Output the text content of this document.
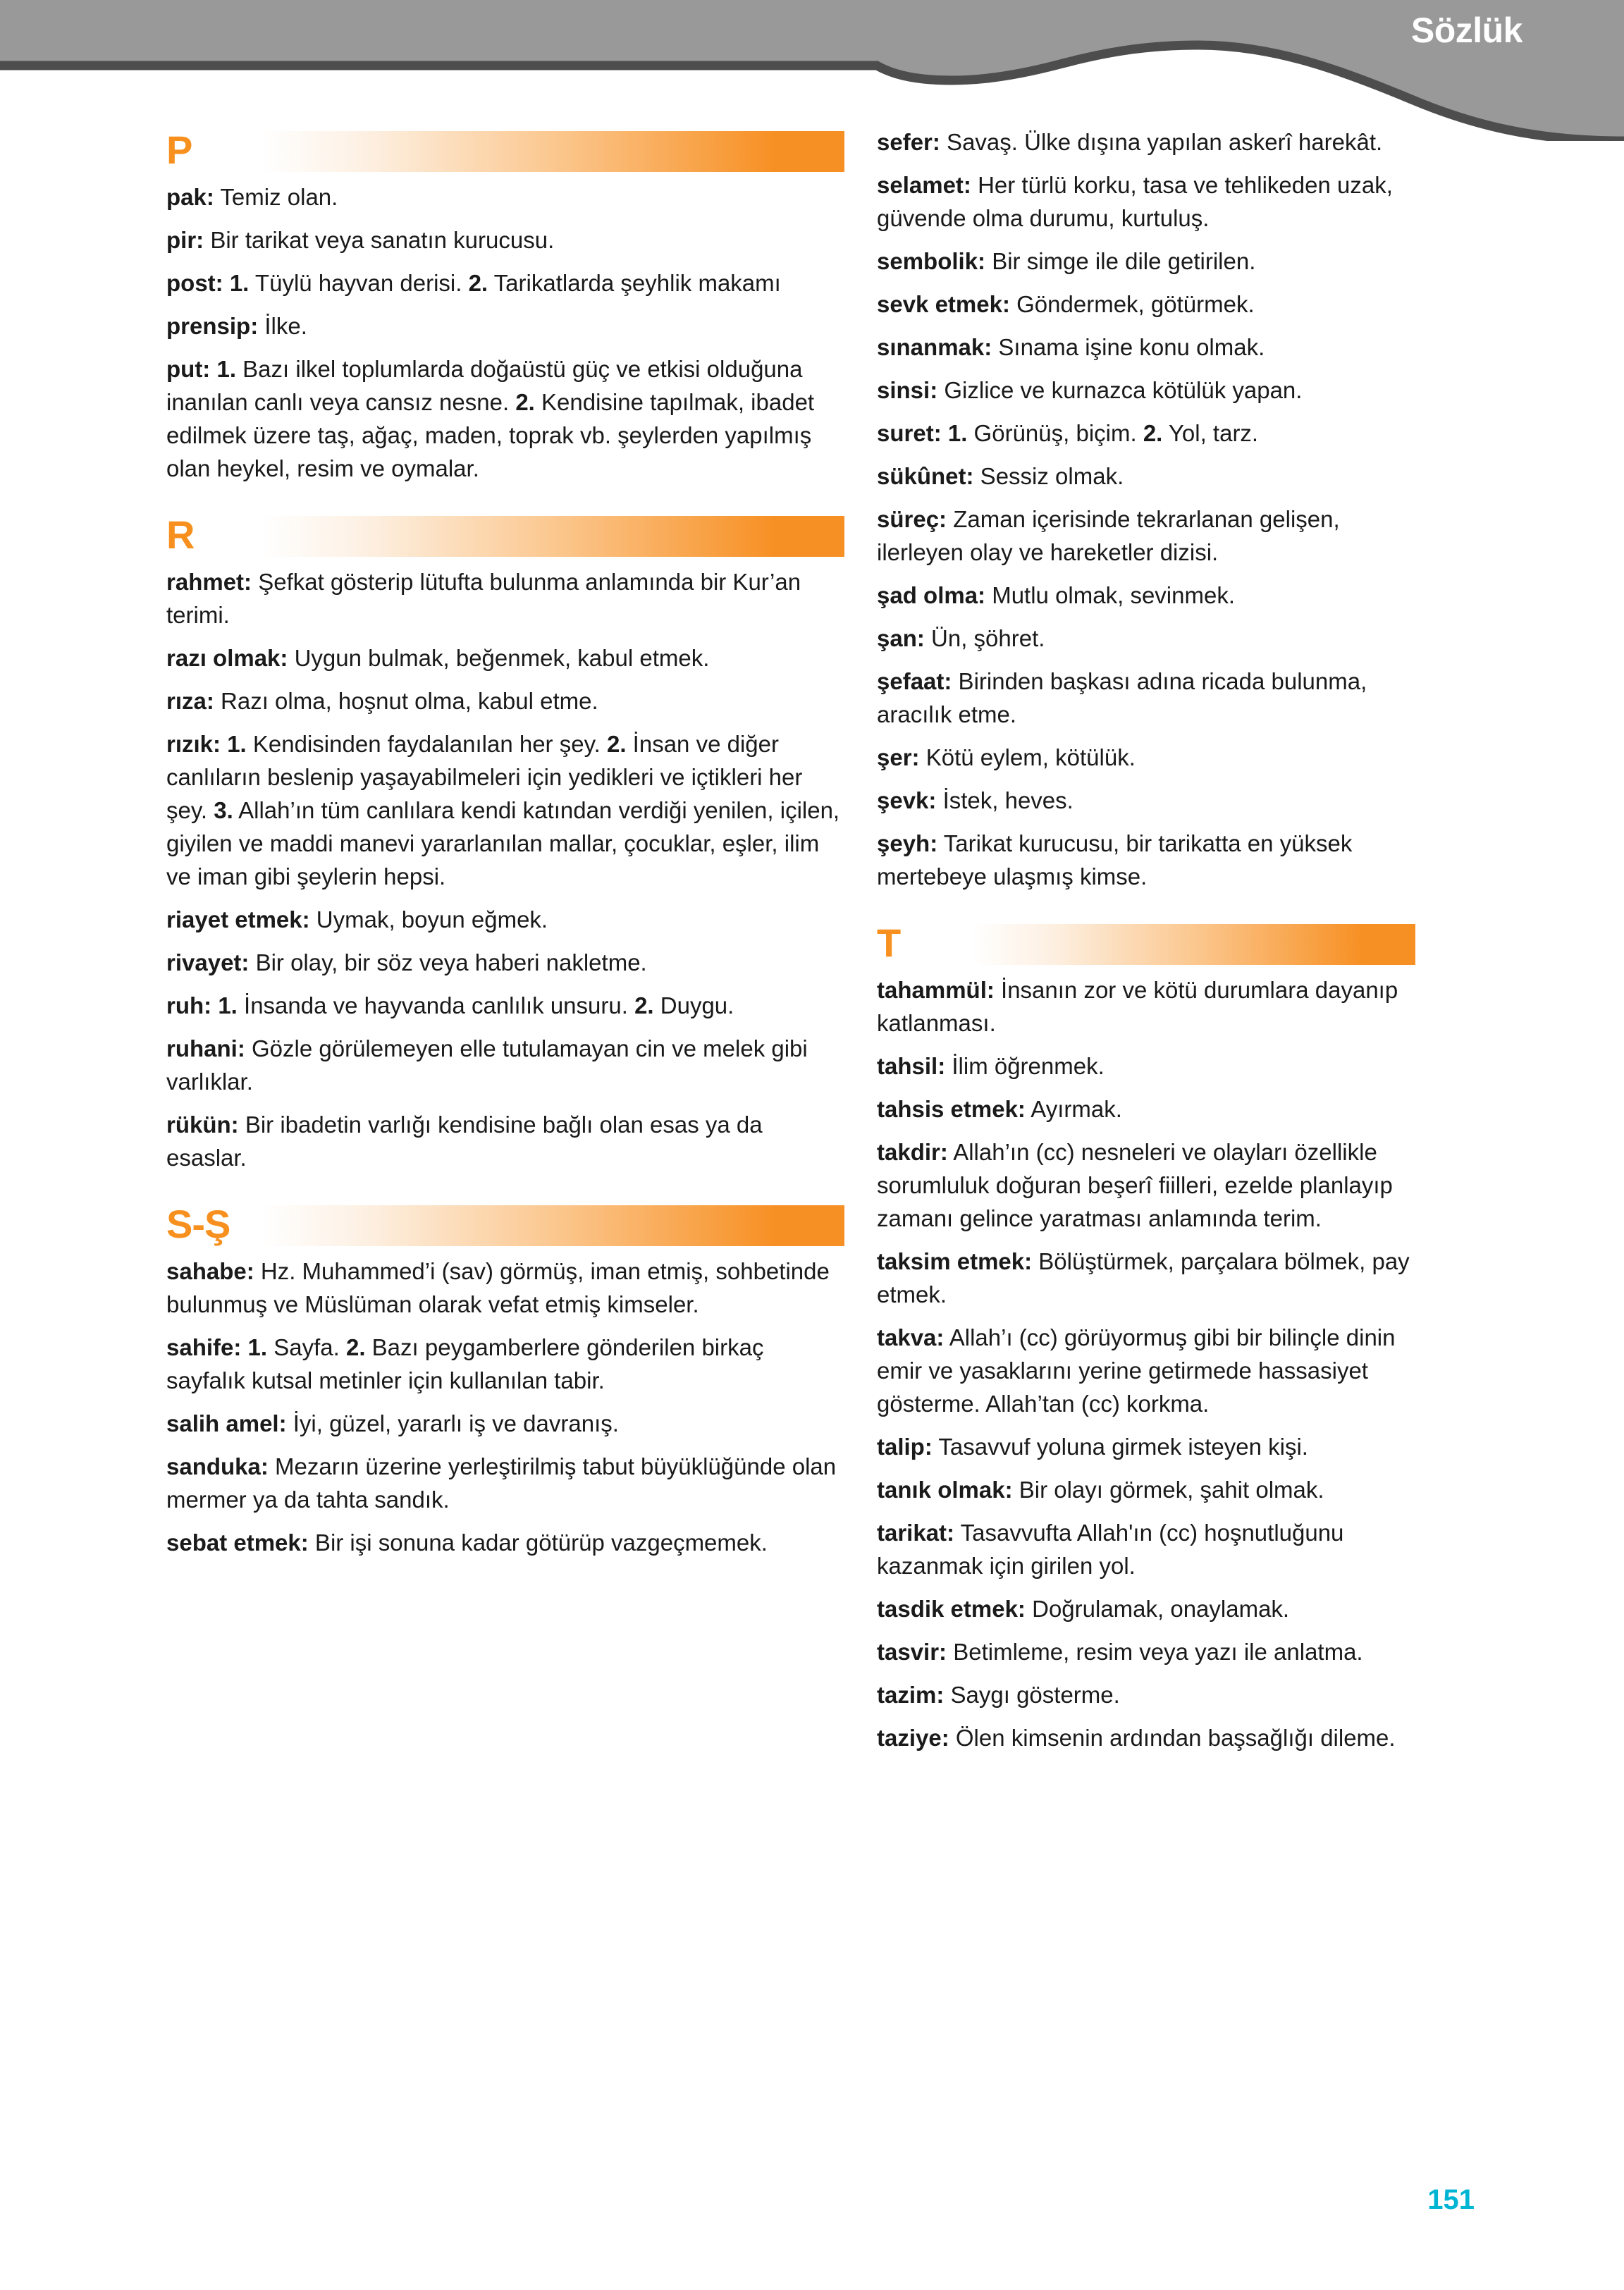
Sözlük
P

pak: Temiz olan.

pir: Bir tarikat veya sanatın kurucusu.

post: 1. Tüylü hayvan derisi. 2. Tarikatlarda şeyhlik makamı

prensip: İlke.

put: 1. Bazı ilkel toplumlarda doğaüstü güç ve etkisi olduğuna inanılan canlı veya cansız nesne. 2. Kendisine tapılmak, ibadet edilmek üzere taş, ağaç, maden, toprak vb. şeylerden yapılmış olan heykel, resim ve oymalar.

R

rahmet: Şefkat gösterip lütufta bulunma anlamında bir Kur’an terimi.

razı olmak: Uygun bulmak, beğenmek, kabul etmek.

rıza: Razı olma, hoşnut olma, kabul etme.

rızık: 1. Kendisinden faydalanılan her şey. 2. İnsan ve diğer canlıların beslenip yaşayabilmeleri için yedikleri ve içtikleri her şey. 3. Allah’ın tüm canlılara kendi katından verdiği yenilen, içilen, giyilen ve maddi manevi yararlanılan mallar, çocuklar, eşler, ilim ve iman gibi şeylerin hepsi.

riayet etmek: Uymak, boyun eğmek.

rivayet: Bir olay, bir söz veya haberi nakletme.

ruh: 1. İnsanda ve hayvanda canlılık unsuru. 2. Duygu.

ruhani: Gözle görülemeyen elle tutulamayan cin ve melek gibi varlıklar.

rükün: Bir ibadetin varlığı kendisine bağlı olan esas ya da esaslar.

S-Ş

sahabe: Hz. Muhammed’i (sav) görmüş, iman etmiş, sohbetinde bulunmuş ve Müslüman olarak vefat etmiş kimseler.

sahife: 1. Sayfa. 2. Bazı peygamberlere gönderilen birkaç sayfalık kutsal metinler için kullanılan tabir.

salih amel: İyi, güzel, yararlı iş ve davranış.

sanduka: Mezarın üzerine yerleştirilmiş tabut büyüklüğünde olan mermer ya da tahta sandık.

sebat etmek: Bir işi sonuna kadar götürüp vazgeçmemek.

sefer: Savaş. Ülke dışına yapılan askerî harekât.

selamet: Her türlü korku, tasa ve tehlikeden uzak, güvende olma durumu, kurtuluş.

sembolik: Bir simge ile dile getirilen.

sevk etmek: Göndermek, götürmek.

sınanmak: Sınama işine konu olmak.

sinsi: Gizlice ve kurnazca kötülük yapan.

suret: 1. Görünüş, biçim. 2. Yol, tarz.

sükûnet: Sessiz olmak.

süreç: Zaman içerisinde tekrarlanan gelişen, ilerleyen olay ve hareketler dizisi.

şad olma: Mutlu olmak, sevinmek.

şan: Ün, şöhret.

şefaat: Birinden başkası adına ricada bulunma, aracılık etme.

şer: Kötü eylem, kötülük.

şevk: İstek, heves.

şeyh: Tarikat kurucusu, bir tarikatta en yüksek mertebeye ulaşmış kimse.

T

tahammül: İnsanın zor ve kötü durumlara dayanıp katlanması.

tahsil: İlim öğrenmek.

tahsis etmek: Ayırmak.

takdir: Allah’ın (cc) nesneleri ve olayları özellikle sorumluluk doğuran beşerî fiilleri, ezelde planlayıp zamanı gelince yaratması anlamında terim.

taksim etmek: Bölüştürmek, parçalara bölmek, pay etmek.

takva: Allah’ı (cc) görüyormuş gibi bir bilinçle dinin emir ve yasaklarını yerine getirmede hassasiyet gösterme. Allah’tan (cc) korkma.

talip: Tasavvuf yoluna girmek isteyen kişi.

tanık olmak: Bir olayı görmek, şahit olmak.

tarikat: Tasavvufta Allah'ın (cc) hoşnutluğunu kazanmak için girilen yol.

tasdik etmek: Doğrulamak, onaylamak.

tasvir: Betimleme, resim veya yazı ile anlatma.

tazim: Saygı gösterme.

taziye: Ölen kimsenin ardından başsağlığı dileme.

151
